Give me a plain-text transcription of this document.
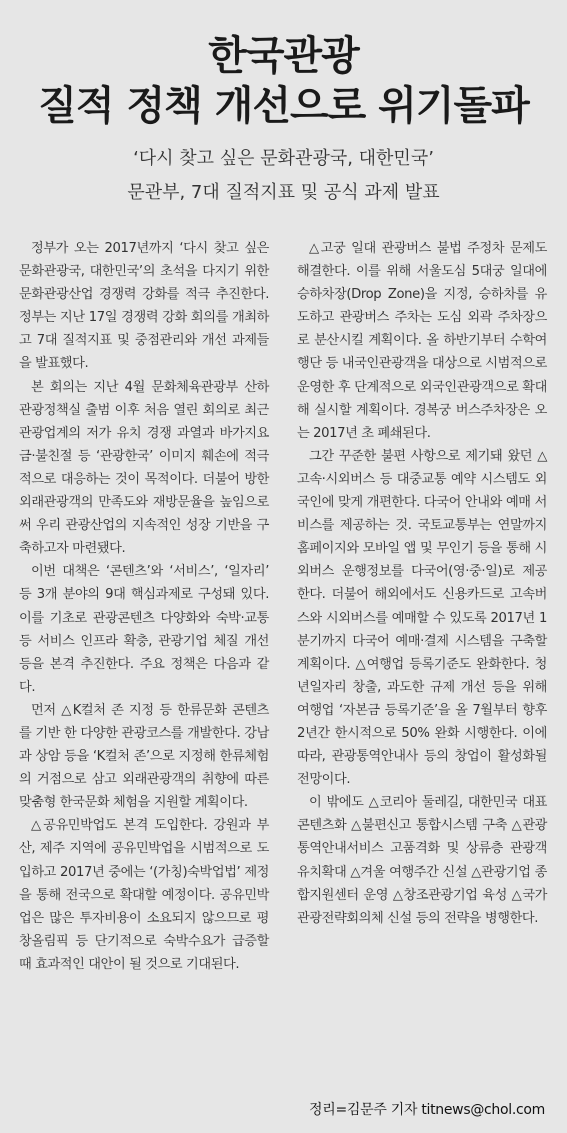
한국관광
질적 정책 개선으로 위기돌파
‘다시 찾고 싶은 문화관광국, 대한민국’
문관부, 7대 질적지표 및 공식 과제 발표

정부가 오는 2017년까지 ‘다시 찾고 싶은 문화관광국, 대한민국’의 초석을 다지기 위한 문화관광산업 경쟁력 강화를 적극 추진한다. 정부는 지난 17일 경쟁력 강화 회의를 개최하고 7대 질적지표 및 중점관리와 개선 과제들을 발표했다.

본 회의는 지난 4월 문화체육관광부 산하 관광정책실 출범 이후 처음 열린 회의로 최근 관광업계의 저가 유치 경쟁 과열과 바가지요금·불친절 등 ‘관광한국’ 이미지 훼손에 적극적으로 대응하는 것이 목적이다. 더불어 방한 외래관광객의 만족도와 재방문율을 높임으로써 우리 관광산업의 지속적인 성장 기반을 구축하고자 마련됐다.

이번 대책은 ‘콘텐츠’와 ‘서비스’, ‘일자리’ 등 3개 분야의 9대 핵심과제로 구성돼 있다. 이를 기초로 관광콘텐츠 다양화와 숙박·교통 등 서비스 인프라 확충, 관광기업 체질 개선 등을 본격 추진한다. 주요 정책은 다음과 같다.

먼저 △K컬처 존 지정 등 한류문화 콘텐츠를 기반 한 다양한 관광코스를 개발한다. 강남과 상암 등을 ‘K컬처 존’으로 지정해 한류체험의 거점으로 삼고 외래관광객의 취향에 따른 맞춤형 한국문화 체험을 지원할 계획이다.

△공유민박업도 본격 도입한다. 강원과 부산, 제주 지역에 공유민박업을 시범적으로 도입하고 2017년 중에는 ‘(가칭)숙박업법’ 제정을 통해 전국으로 확대할 예정이다. 공유민박업은 많은 투자비용이 소요되지 않으므로 평창올림픽 등 단기적으로 숙박수요가 급증할 때 효과적인 대안이 될 것으로 기대된다.

△고궁 일대 관광버스 불법 주정차 문제도 해결한다. 이를 위해 서울도심 5대궁 일대에 승하차장(Drop Zone)을 지정, 승하차를 유도하고 관광버스 주차는 도심 외곽 주차장으로 분산시킬 계획이다. 올 하반기부터 수학여행단 등 내국인관광객을 대상으로 시범적으로 운영한 후 단계적으로 외국인관광객으로 확대해 실시할 계획이다. 경복궁 버스주차장은 오는 2017년 초 폐쇄된다.

그간 꾸준한 불편 사항으로 제기돼 왔던 △고속·시외버스 등 대중교통 예약 시스템도 외국인에 맞게 개편한다. 다국어 안내와 예매 서비스를 제공하는 것. 국토교통부는 연말까지 홈페이지와 모바일 앱 및 무인기 등을 통해 시외버스 운행정보를 다국어(영·중·일)로 제공한다. 더불어 해외에서도 신용카드로 고속버스와 시외버스를 예매할 수 있도록 2017년 1분기까지 다국어 예매·결제 시스템을 구축할 계획이다. △여행업 등록기준도 완화한다. 청년일자리 창출, 과도한 규제 개선 등을 위해 여행업 ‘자본금 등록기준’을 올 7월부터 향후 2년간 한시적으로 50% 완화 시행한다. 이에 따라, 관광통역안내사 등의 창업이 활성화될 전망이다.

이 밖에도 △코리아 둘레길, 대한민국 대표 콘텐츠화 △불편신고 통합시스템 구축 △관광통역안내서비스 고품격화 및 상류층 관광객 유치확대 △겨울 여행주간 신설 △관광기업 종합지원센터 운영 △창조관광기업 육성 △국가 관광전략회의체 신설 등의 전략을 병행한다.

정리=김문주 기자 titnews@chol.com
